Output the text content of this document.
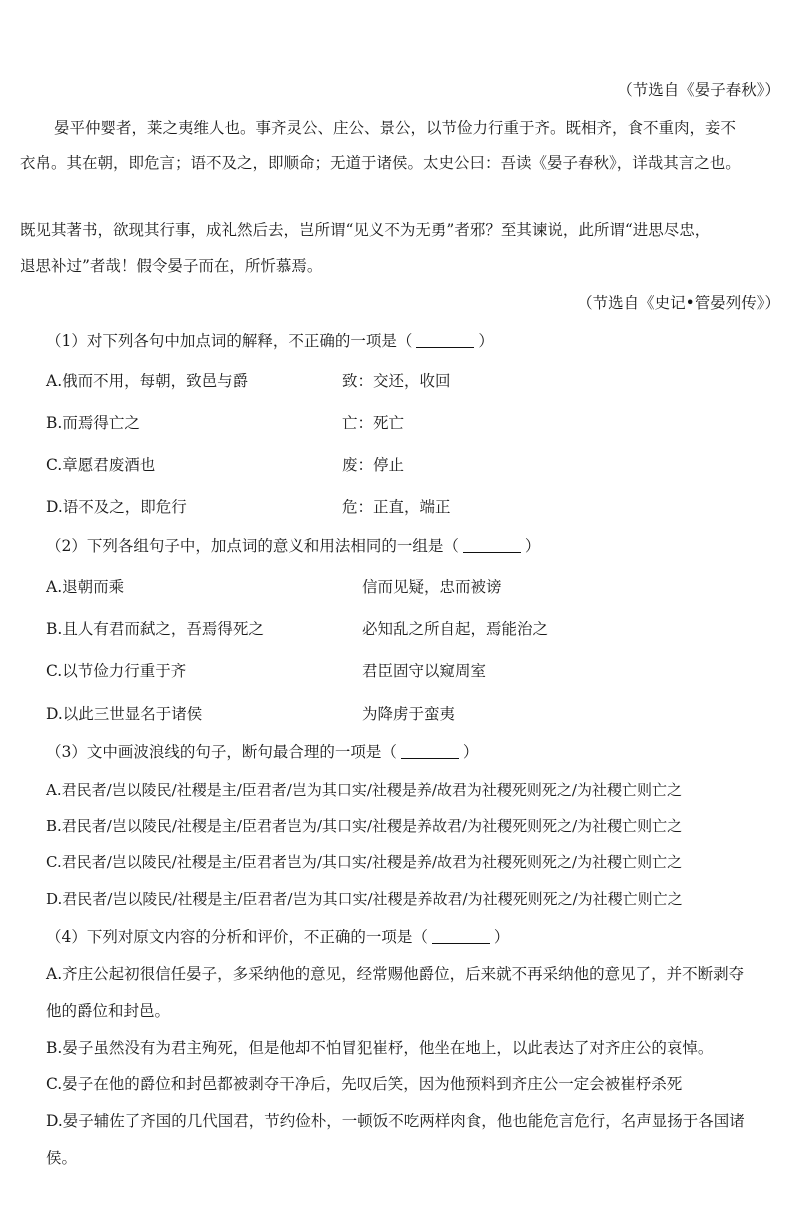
（节选自《晏子春秋》）
晏平仲婴者，莱之夷维人也。事齐灵公、庄公、景公，以节俭力行重于齐。既相齐，食不重肉，妾不
衣帛。其在朝，即危言；语不及之，即顺命；无道于诸侯。太史公曰：吾读《晏子春秋》，详哉其言之也。
既见其著书，欲现其行事，成礼然后去，岂所谓“见义不为无勇”者邪？至其谏说，此所谓“进思尽忠，
退思补过”者哉！假令晏子而在，所忻慕焉。
（节选自《史记•管晏列传》）
（1）对下列各句中加点词的解释，不正确的一项是（	）
A.俄而不用，每朝，致邑与爵	致：交还，收回
B.而焉得亡之	亡：死亡
C.章愿君废酒也	废：停止
D.语不及之，即危行	危：正直，端正
（2）下列各组句子中，加点词的意义和用法相同的一组是（	）
A.退朝而乘	信而见疑，忠而被谤
B.且人有君而弑之，吾焉得死之	必知乱之所自起，焉能治之
C.以节俭力行重于齐	君臣固守以窥周室
D.以此三世显名于诸侯	为降虏于蛮夷
（3）文中画波浪线的句子，断句最合理的一项是（	）
A.君民者/岂以陵民/社稷是主/臣君者/岂为其口实/社稷是养/故君为社稷死则死之/为社稷亡则亡之
B.君民者/岂以陵民/社稷是主/臣君者岂为/其口实/社稷是养故君/为社稷死则死之/为社稷亡则亡之
C.君民者/岂以陵民/社稷是主/臣君者岂为/其口实/社稷是养/故君为社稷死则死之/为社稷亡则亡之
D.君民者/岂以陵民/社稷是主/臣君者/岂为其口实/社稷是养故君/为社稷死则死之/为社稷亡则亡之
（4）下列对原文内容的分析和评价，不正确的一项是（	）
A.齐庄公起初很信任晏子，多采纳他的意见，经常赐他爵位，后来就不再采纳他的意见了，并不断剥夺
他的爵位和封邑。
B.晏子虽然没有为君主殉死，但是他却不怕冒犯崔杼，他坐在地上，以此表达了对齐庄公的哀悼。
C.晏子在他的爵位和封邑都被剥夺干净后，先叹后笑，因为他预料到齐庄公一定会被崔杼杀死
D.晏子辅佐了齐国的几代国君，节约俭朴，一顿饭不吃两样肉食，他也能危言危行，名声显扬于各国诸
侯。
